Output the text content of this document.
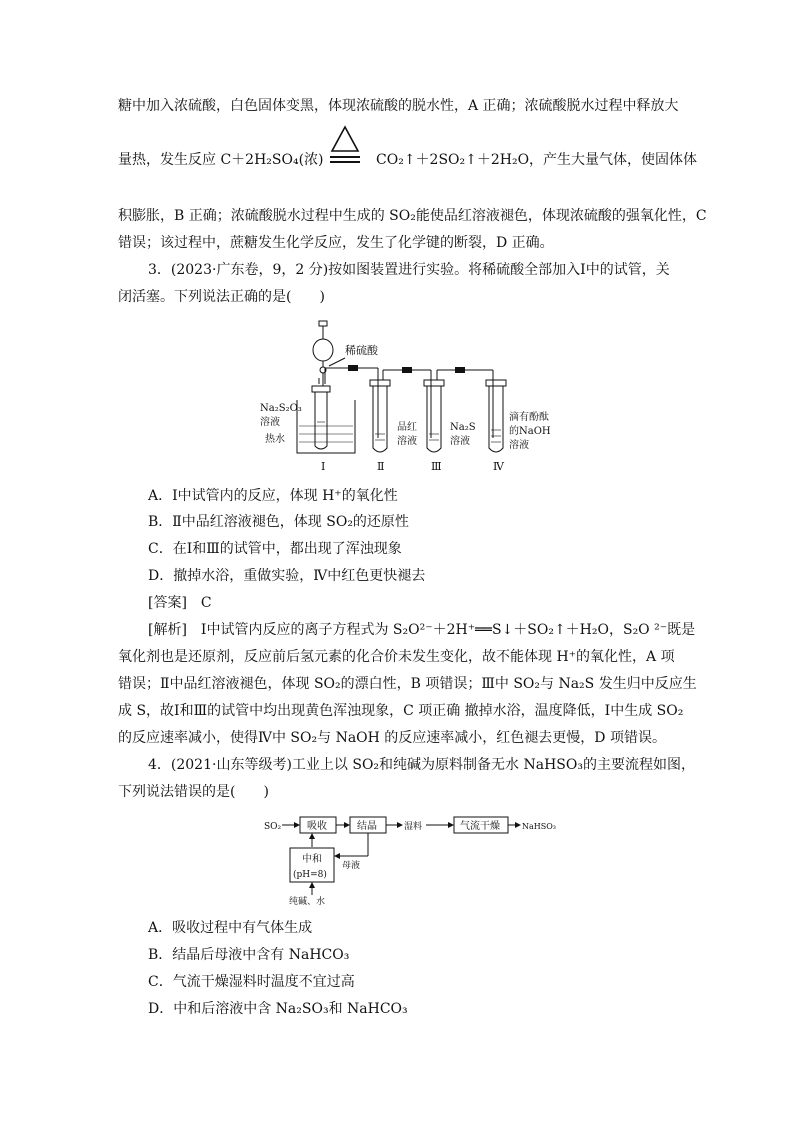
糖中加入浓硫酸，白色固体变黑，体现浓硫酸的脱水性，A 正确；浓硫酸脱水过程中释放大
量热，发生反应 C＋2H₂SO₄(浓)	CO₂↑＋2SO₂↑＋2H₂O，产生大量气体，使固体体
积膨胀，B 正确；浓硫酸脱水过程中生成的 SO₂能使品红溶液褪色，体现浓硫酸的强氧化性，C
错误；该过程中，蔗糖发生化学反应，发生了化学键的断裂，D 正确。
3．(2023·广东卷，9，2 分)按如图装置进行实验。将稀硫酸全部加入Ⅰ中的试管，关
闭活塞。下列说法正确的是(　　)
稀硫酸
Na₂S₂O₃
溶液
热水
品红
溶液
Na₂S
溶液
滴有酚酞
的NaOH
溶液
Ⅰ	Ⅱ	Ⅲ	Ⅳ
A．Ⅰ中试管内的反应，体现 H⁺的氧化性
B．Ⅱ中品红溶液褪色，体现 SO₂的还原性
C．在Ⅰ和Ⅲ的试管中，都出现了浑浊现象
D．撤掉水浴，重做实验，Ⅳ中红色更快褪去
[答案]　C
[解析]　Ⅰ中试管内反应的离子方程式为 S₂O²⁻＋2H⁺══S↓＋SO₂↑＋H₂O，S₂O ²⁻既是
氧化剂也是还原剂，反应前后氢元素的化合价未发生变化，故不能体现 H⁺的氧化性，A 项
错误；Ⅱ中品红溶液褪色，体现 SO₂的漂白性，B 项错误；Ⅲ中 SO₂与 Na₂S 发生归中反应生
成 S，故Ⅰ和Ⅲ的试管中均出现黄色浑浊现象，C 项正确 撤掉水浴，温度降低，Ⅰ中生成 SO₂
的反应速率减小，使得Ⅳ中 SO₂与 NaOH 的反应速率减小，红色褪去更慢，D 项错误。
4．(2021·山东等级考)工业上以 SO₂和纯碱为原料制备无水 NaHSO₃的主要流程如图，
下列说法错误的是(　　)
SO₂	吸收	结晶	湿料	气流干燥	NaHSO₃
中和
(pH=8)
母液
纯碱、水
A．吸收过程中有气体生成
B．结晶后母液中含有 NaHCO₃
C．气流干燥湿料时温度不宜过高
D．中和后溶液中含 Na₂SO₃和 NaHCO₃
